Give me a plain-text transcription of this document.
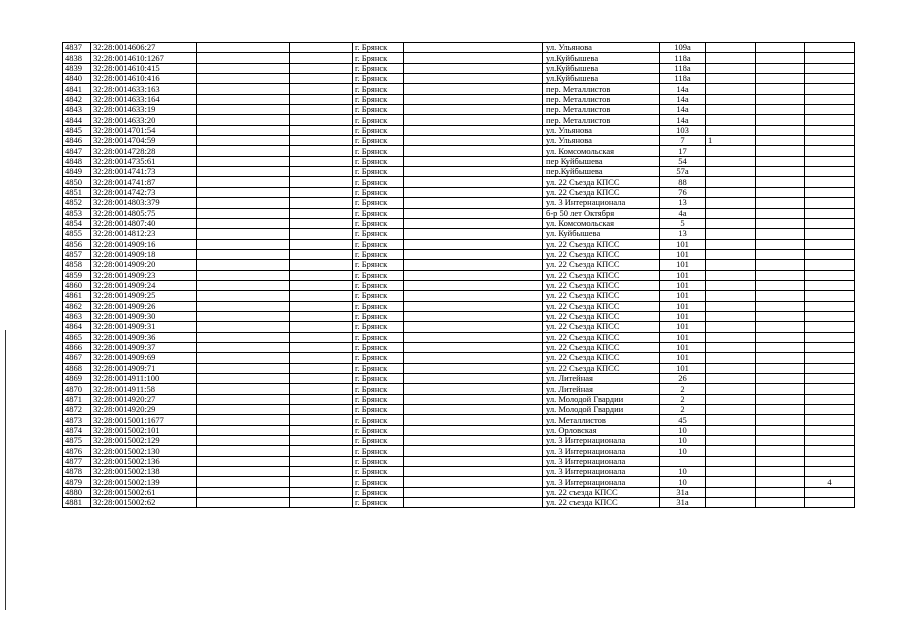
4837	32:28:0014606:27			г. Брянск		ул. Ульянова	109а			
4838	32:28:0014610:1267			г. Брянск		ул.Куйбышева	118а			
4839	32:28:0014610:415			г. Брянск		ул.Куйбышева	118а			
4840	32:28:0014610:416			г. Брянск		ул.Куйбышева	118а			
4841	32:28:0014633:163			г. Брянск		пер. Металлистов	14а			
4842	32:28:0014633:164			г. Брянск		пер. Металлистов	14а			
4843	32:28:0014633:19			г. Брянск		пер. Металлистов	14а			
4844	32:28:0014633:20			г. Брянск		пер. Металлистов	14а			
4845	32:28:0014701:54			г. Брянск		ул. Ульянова	103			
4846	32:28:0014704:59			г. Брянск		ул. Ульянова	7	1		
4847	32:28:0014728:28			г. Брянск		ул. Комсомольская	17			
4848	32:28:0014735:61			г. Брянск		пер Куйбышева	54			
4849	32:28:0014741:73			г. Брянск		пер.Куйбышева	57а			
4850	32:28:0014741:87			г. Брянск		ул. 22 Съезда КПСС	88			
4851	32:28:0014742:73			г. Брянск		ул. 22 Съезда КПСС	76			
4852	32:28:0014803:379			г. Брянск		ул. 3 Интернационала	13			
4853	32:28:0014805:75			г. Брянск		б-р 50 лет Октября	4а			
4854	32:28:0014807:40			г. Брянск		ул. Комсомольская	5			
4855	32:28:0014812:23			г. Брянск		ул. Куйбышева	13			
4856	32:28:0014909:16			г. Брянск		ул. 22 Съезда КПСС	101			
4857	32:28:0014909:18			г. Брянск		ул. 22 Съезда КПСС	101			
4858	32:28:0014909:20			г. Брянск		ул. 22 Съезда КПСС	101			
4859	32:28:0014909:23			г. Брянск		ул. 22 Съезда КПСС	101			
4860	32:28:0014909:24			г. Брянск		ул. 22 Съезда КПСС	101			
4861	32:28:0014909:25			г. Брянск		ул. 22 Съезда КПСС	101			
4862	32:28:0014909:26			г. Брянск		ул. 22 Съезда КПСС	101			
4863	32:28:0014909:30			г. Брянск		ул. 22 Съезда КПСС	101			
4864	32:28:0014909:31			г. Брянск		ул. 22 Съезда КПСС	101			
4865	32:28:0014909:36			г. Брянск		ул. 22 Съезда КПСС	101			
4866	32:28:0014909:37			г. Брянск		ул. 22 Съезда КПСС	101			
4867	32:28:0014909:69			г. Брянск		ул. 22 Съезда КПСС	101			
4868	32:28:0014909:71			г. Брянск		ул. 22 Съезда КПСС	101			
4869	32:28:0014911:100			г. Брянск		ул. Литейная	26			
4870	32:28:0014911:58			г. Брянск		ул. Литейная	2			
4871	32:28:0014920:27			г. Брянск		ул. Молодой Гвардии	2			
4872	32:28:0014920:29			г. Брянск		ул. Молодой Гвардии	2			
4873	32:28:0015001:1677			г. Брянск		ул. Металлистов	45			
4874	32:28:0015002:101			г. Брянск		ул. Орловская	10			
4875	32:28:0015002:129			г. Брянск		ул. 3 Интернационала	10			
4876	32:28:0015002:130			г. Брянск		ул. 3 Интернационала	10			
4877	32:28:0015002:136			г. Брянск		ул. 3 Интернационала				
4878	32:28:0015002:138			г. Брянск		ул. 3 Интернационала	10			
4879	32:28:0015002:139			г. Брянск		ул. 3 Интернационала	10			4
4880	32:28:0015002:61			г. Брянск		ул. 22 съезда КПСС	31а			
4881	32:28:0015002:62			г. Брянск		ул. 22 съезда КПСС	31а			
